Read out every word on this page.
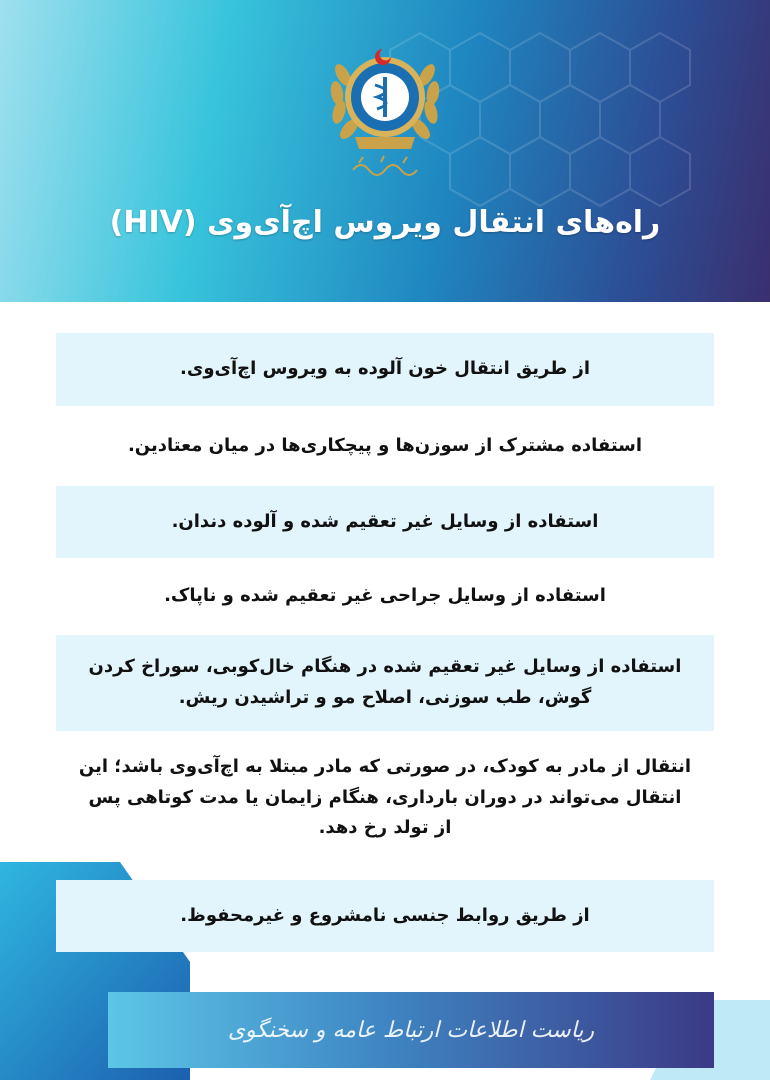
راه‌های انتقال ویروس اچ‌آی‌وی (HIV)
از طریق انتقال خون آلوده به ویروس اچ‌آی‌وی.
استفاده مشترک از سوزن‌ها و پیچکاری‌ها در میان معتادین.
استفاده از وسایل غیر تعقیم شده و آلوده دندان.
استفاده از وسایل جراحی غیر تعقیم شده و ناپاک.
استفاده از وسایل غیر تعقیم شده در هنگام خال‌کوبی، سوراخ کردن گوش، طب سوزنی، اصلاح مو و تراشیدن ریش.
انتقال از مادر به کودک، در صورتی که مادر مبتلا به اچ‌آی‌وی باشد؛ این انتقال می‌تواند در دوران بارداری، هنگام زایمان یا مدت کوتاهی پس از تولد رخ دهد.
از طریق روابط جنسی نامشروع و غیرمحفوظ.
ریاست اطلاعات ارتباط عامه و سخنگوی
